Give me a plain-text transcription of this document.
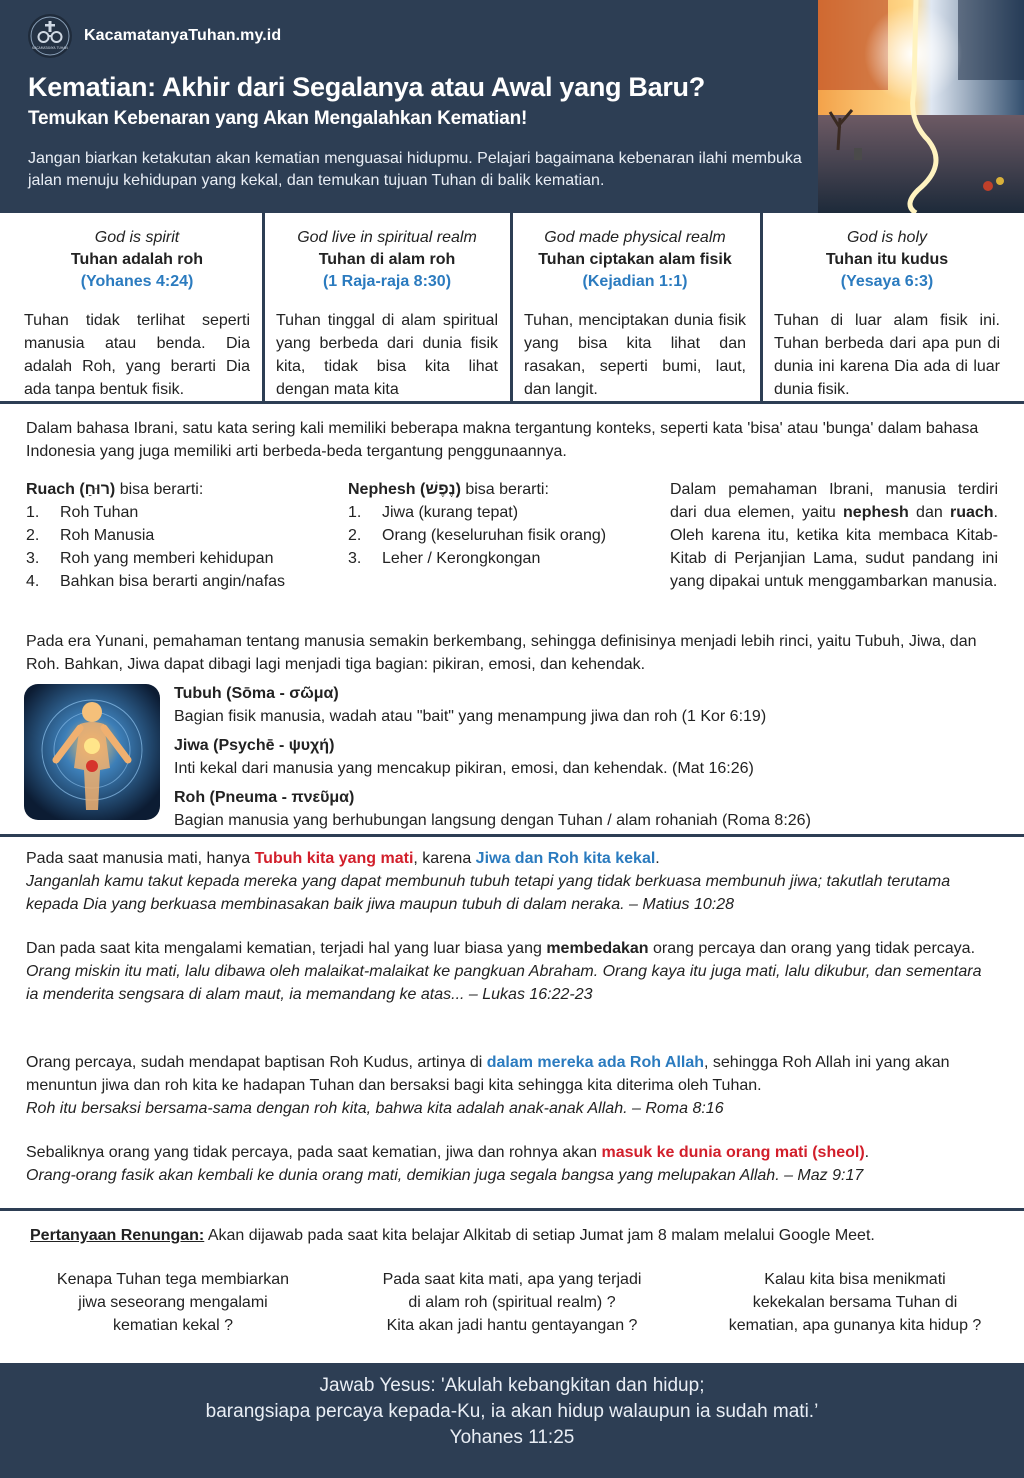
KACAMATANYA TUHAN
KacamatanyaTuhan.my.id
Kematian: Akhir dari Segalanya atau Awal yang Baru?
Temukan Kebenaran yang Akan Mengalahkan Kematian!
Jangan biarkan ketakutan akan kematian menguasai hidupmu. Pelajari bagaimana kebenaran ilahi membuka jalan menuju kehidupan yang kekal, dan temukan tujuan Tuhan di balik kematian.
God is spirit
Tuhan adalah roh
(Yohanes 4:24)
Tuhan tidak terlihat seperti manusia atau benda. Dia adalah Roh, yang berarti Dia ada tanpa bentuk fisik.
God live in spiritual realm
Tuhan di alam roh
(1 Raja-raja 8:30)
Tuhan tinggal di alam spiritual yang berbeda dari dunia fisik kita, tidak bisa kita lihat dengan mata kita
God made physical realm
Tuhan ciptakan alam fisik
(Kejadian 1:1)
Tuhan, menciptakan dunia fisik yang bisa kita lihat dan rasakan, seperti bumi, laut, dan langit.
God is holy
Tuhan itu kudus
(Yesaya 6:3)
Tuhan di luar alam fisik ini. Tuhan berbeda dari apa pun di dunia ini karena Dia ada di luar dunia fisik.
Dalam bahasa Ibrani, satu kata sering kali memiliki beberapa makna tergantung konteks, seperti kata 'bisa' atau 'bunga' dalam bahasa Indonesia yang juga memiliki arti berbeda-beda tergantung penggunaannya.
Ruach (רוּחַ) bisa berarti:
1.	Roh Tuhan
2.	Roh Manusia
3.	Roh yang memberi kehidupan
4.	Bahkan bisa berarti angin/nafas
Nephesh (נֶפֶשׁ) bisa berarti:
1.	Jiwa (kurang tepat)
2.	Orang (keseluruhan fisik orang)
3.	Leher / Kerongkongan
Dalam pemahaman Ibrani, manusia terdiri dari dua elemen, yaitu nephesh dan ruach. Oleh karena itu, ketika kita membaca Kitab-Kitab di Perjanjian Lama, sudut pandang ini yang dipakai untuk menggambarkan manusia.
Pada era Yunani, pemahaman tentang manusia semakin berkembang, sehingga definisinya menjadi lebih rinci, yaitu Tubuh, Jiwa, dan Roh. Bahkan, Jiwa dapat dibagi lagi menjadi tiga bagian: pikiran, emosi, dan kehendak.
Tubuh (Sōma - σῶμα)
Bagian fisik manusia, wadah atau "bait" yang menampung jiwa dan roh (1 Kor 6:19)
Jiwa (Psychē - ψυχή)
Inti kekal dari manusia yang mencakup pikiran, emosi, dan kehendak. (Mat 16:26)
Roh (Pneuma - πνεῦμα)
Bagian manusia yang berhubungan langsung dengan Tuhan / alam rohaniah (Roma 8:26)
Pada saat manusia mati, hanya Tubuh kita yang mati, karena Jiwa dan Roh kita kekal.
Janganlah kamu takut kepada mereka yang dapat membunuh tubuh tetapi yang tidak berkuasa membunuh jiwa; takutlah terutama kepada Dia yang berkuasa membinasakan baik jiwa maupun tubuh di dalam neraka. – Matius 10:28
Dan pada saat kita mengalami kematian, terjadi hal yang luar biasa yang membedakan orang percaya dan orang yang tidak percaya.
Orang miskin itu mati, lalu dibawa oleh malaikat-malaikat ke pangkuan Abraham. Orang kaya itu juga mati, lalu dikubur, dan sementara ia menderita sengsara di alam maut, ia memandang ke atas... – Lukas 16:22-23
Orang percaya, sudah mendapat baptisan Roh Kudus, artinya di dalam mereka ada Roh Allah, sehingga Roh Allah ini yang akan menuntun jiwa dan roh kita ke hadapan Tuhan dan bersaksi bagi kita sehingga kita diterima oleh Tuhan.
Roh itu bersaksi bersama-sama dengan roh kita, bahwa kita adalah anak-anak Allah. – Roma 8:16
Sebaliknya orang yang tidak percaya, pada saat kematian, jiwa dan rohnya akan masuk ke dunia orang mati (sheol).
Orang-orang fasik akan kembali ke dunia orang mati, demikian juga segala bangsa yang melupakan Allah. – Maz 9:17
Pertanyaan Renungan: Akan dijawab pada saat kita belajar Alkitab di setiap Jumat jam 8 malam melalui Google Meet.
Kenapa Tuhan tega membiarkan
jiwa seseorang mengalami
kematian kekal ?
Pada saat kita mati, apa yang terjadi
di alam roh (spiritual realm) ?
Kita akan jadi hantu gentayangan ?
Kalau kita bisa menikmati
kekekalan bersama Tuhan di
kematian, apa gunanya kita hidup ?
Jawab Yesus: 'Akulah kebangkitan dan hidup;
barangsiapa percaya kepada-Ku, ia akan hidup walaupun ia sudah mati.’
Yohanes 11:25
